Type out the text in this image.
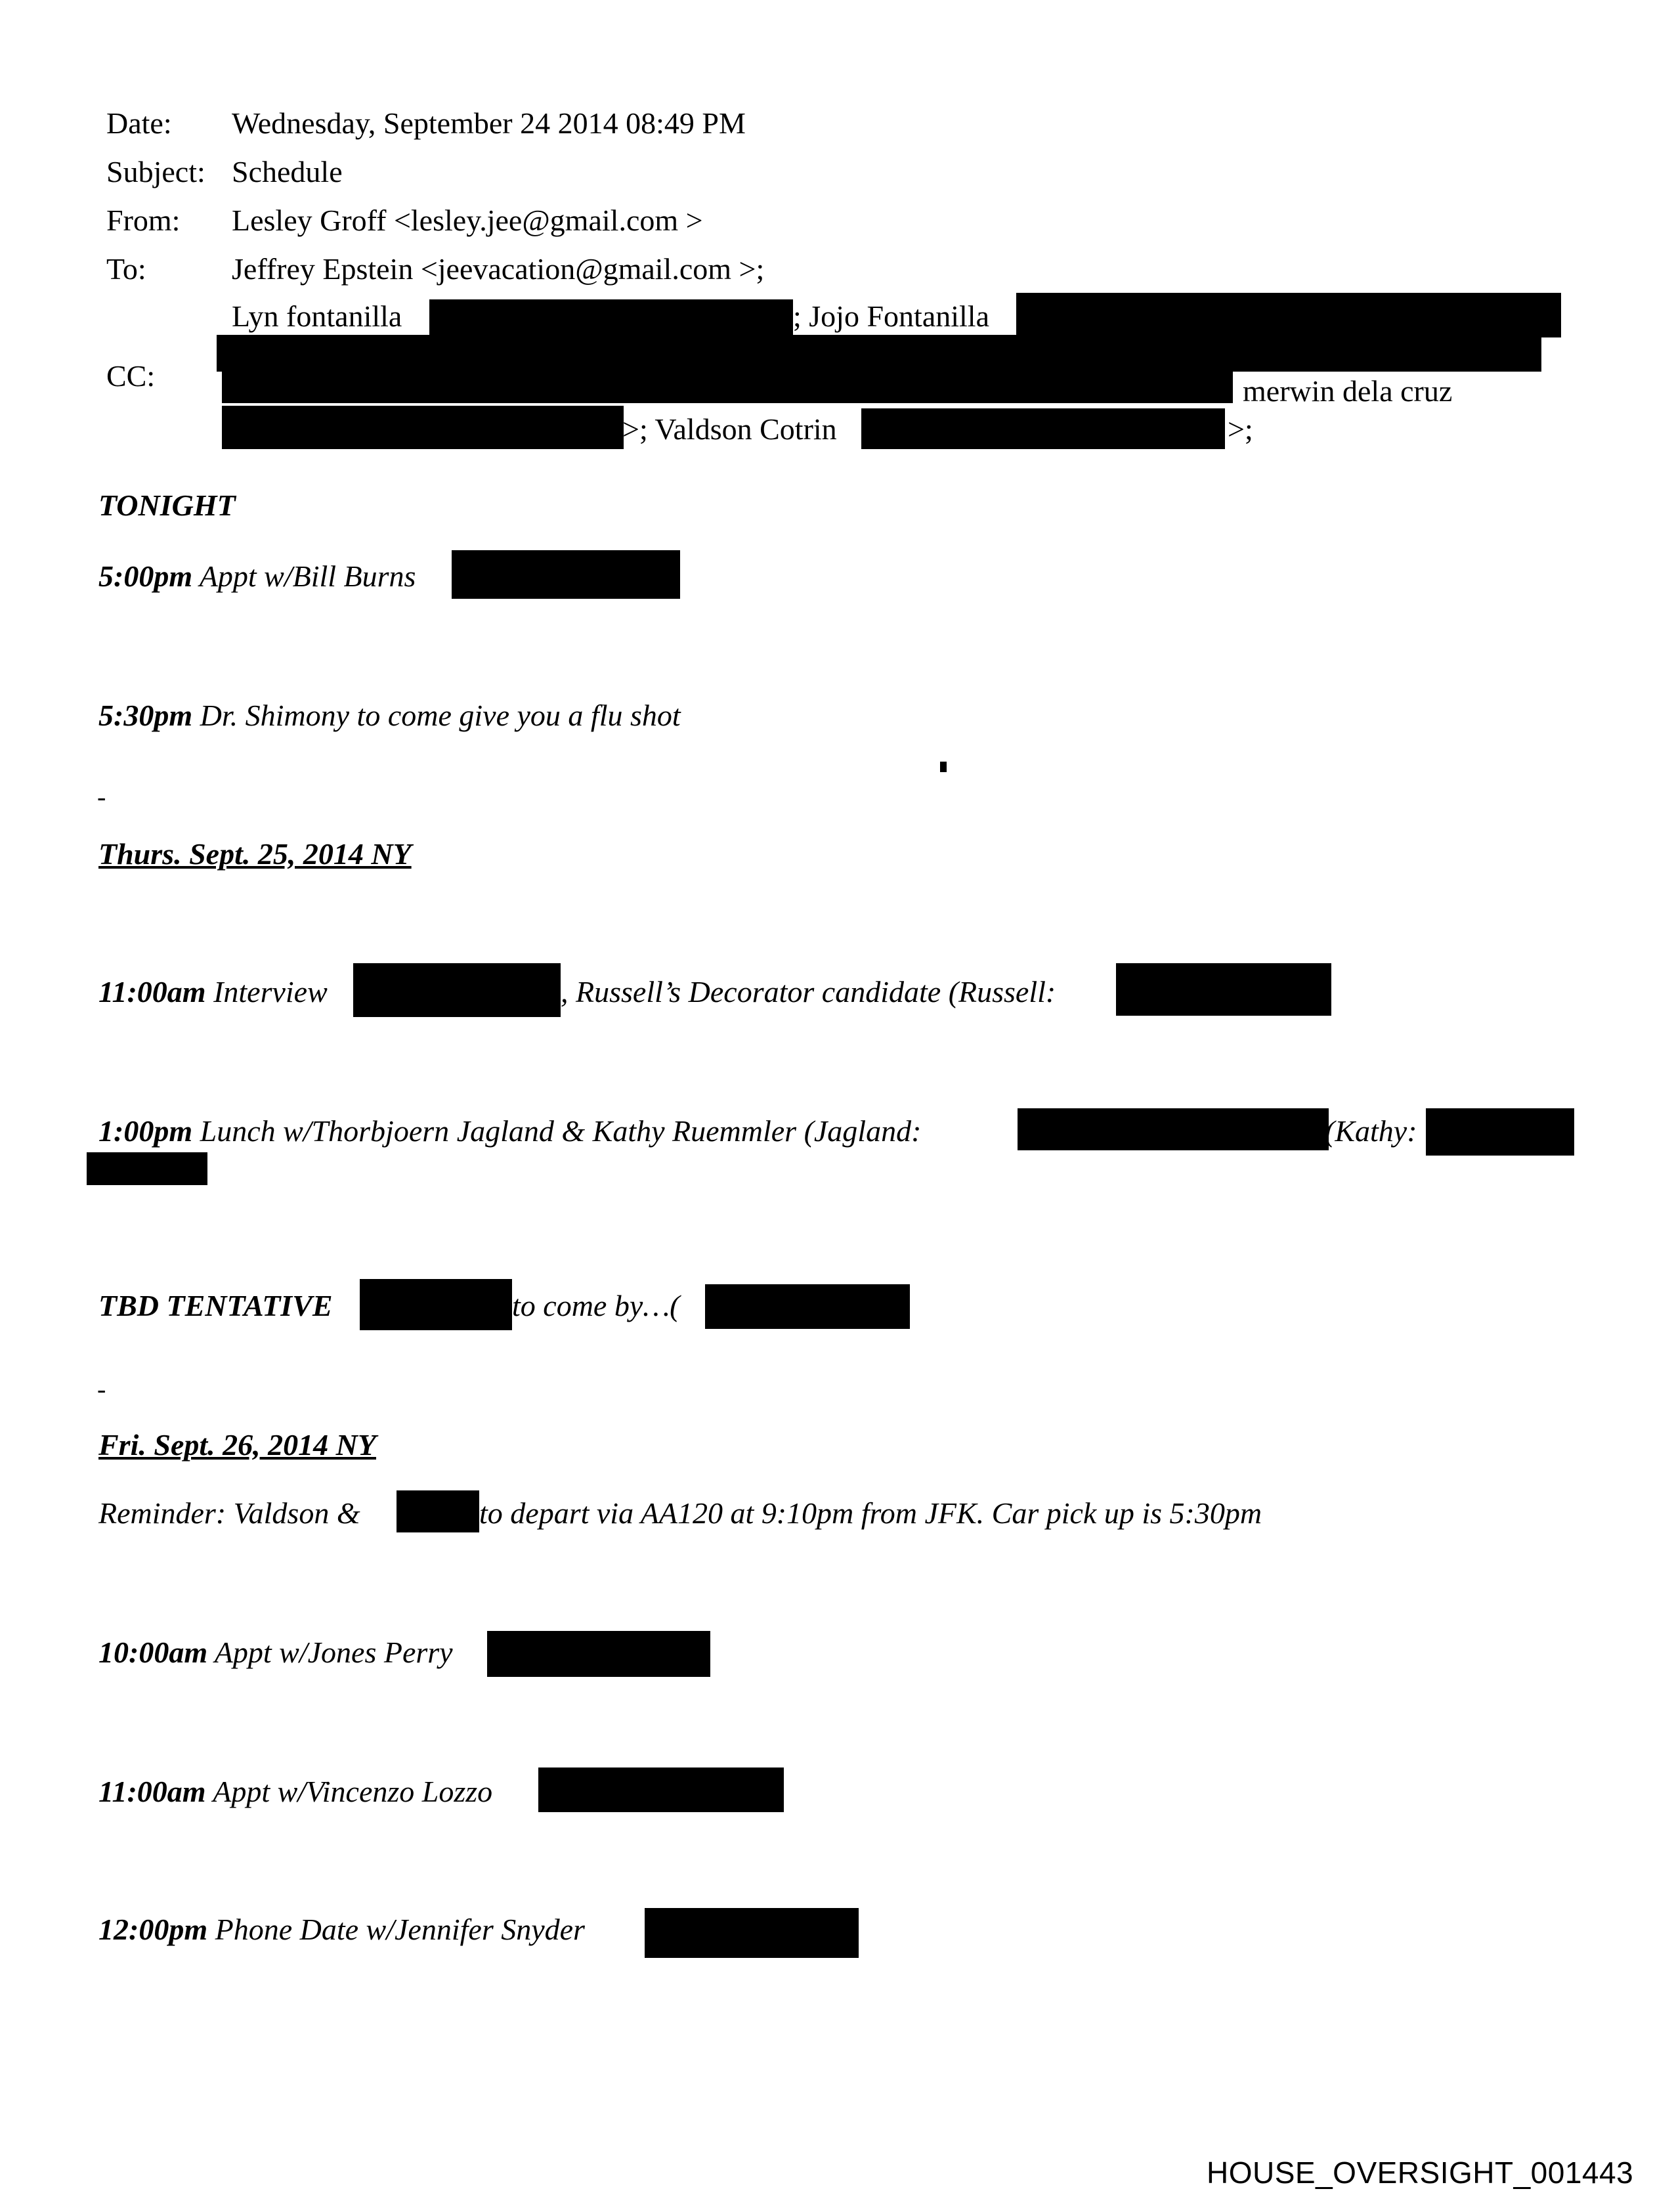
Date: Wednesday, September 24 2014 08:49 PM
Subject: Schedule
From: Lesley Groff <lesley.jee@gmail.com >
To:	Jeffrey Epstein <jeevacation@gmail.com >;
Lyn fontanilla	; Jojo Fontanilla
CC:	merwin dela cruz
>; Valdson Cotrin	>;
TONIGHT
5:00pm Appt w/Bill Burns
5:30pm Dr. Shimony to come give you a flu shot
-
Thurs. Sept. 25, 2014 NY
11:00am Interview	, Russell’s Decorator candidate (Russell:
1:00pm Lunch w/Thorbjoern Jagland & Kathy Ruemmler (Jagland:	(Kathy:
TBD TENTATIVE	to come by…(
-
Fri. Sept. 26, 2014 NY
Reminder: Valdson &	to depart via AA120 at 9:10pm from JFK. Car pick up is 5:30pm
10:00am Appt w/Jones Perry
11:00am Appt w/Vincenzo Lozzo
12:00pm Phone Date w/Jennifer Snyder
HOUSE_OVERSIGHT_001443
